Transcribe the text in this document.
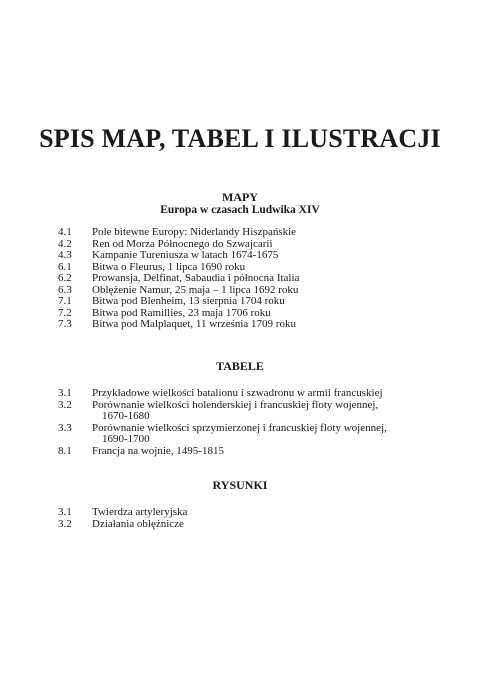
SPIS MAP, TABEL I ILUSTRACJI
MAPY
Europa w czasach Ludwika XIV
4.1	Pole bitewne Europy: Niderlandy Hiszpańskie
4.2	Ren od Morza Północnego do Szwajcarii
4.3	Kampanie Tureniusza w latach 1674-1675
6.1	Bitwa o Fleurus, 1 lipca 1690 roku
6.2	Prowansja, Delfinat, Sabaudia i północna Italia
6.3	Oblężenie Namur, 25 maja – 1 lipca 1692 roku
7.1	Bitwa pod Blenheim, 13 sierpnia 1704 roku
7.2	Bitwa pod Ramillies, 23 maja 1706 roku
7.3	Bitwa pod Malplaquet, 11 września 1709 roku
TABELE
3.1	Przykładowe wielkości batalionu i szwadronu w armii francuskiej
3.2	Porównanie wielkości holenderskiej i francuskiej floty wojennej,
1670-1680
3.3	Porównanie wielkości sprzymierzonej i francuskiej floty wojennej,
1690-1700
8.1	Francja na wojnie, 1495-1815
RYSUNKI
3.1	Twierdza artyleryjska
3.2	Działania oblężnicze
